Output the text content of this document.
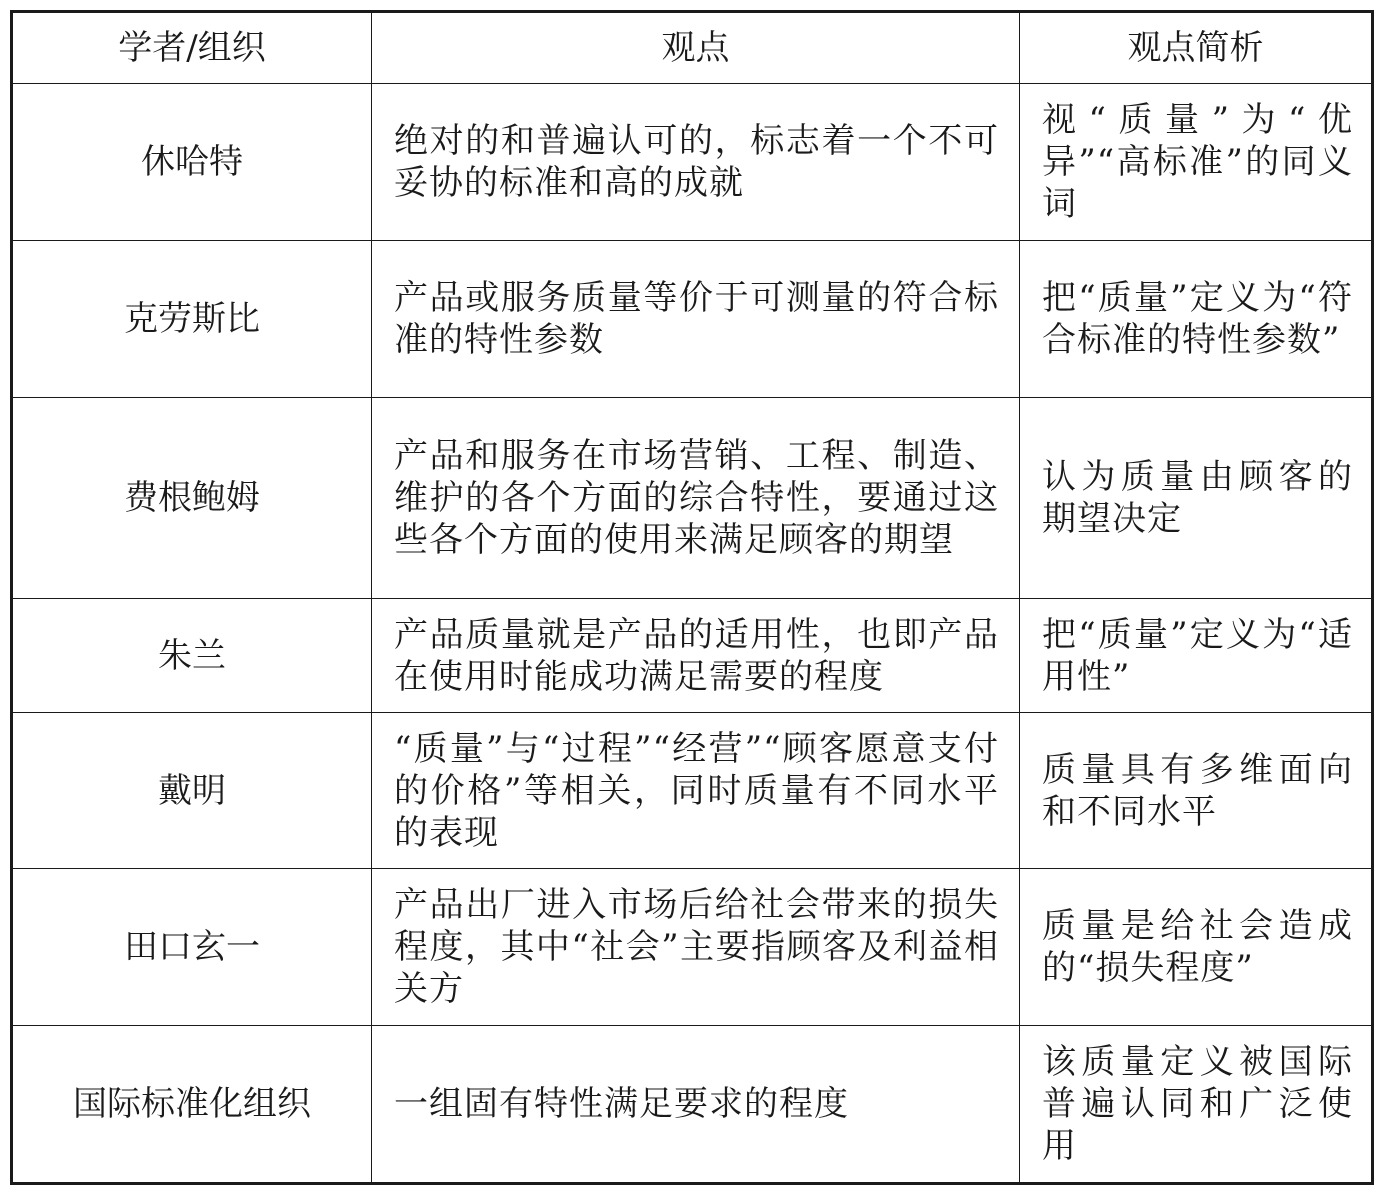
学者/组织	观点	观点简析
休哈特	绝对的和普遍认可的，标志着一个不可妥协的标准和高的成就	视“质量”为“优异”“高标准”的同义词
克劳斯比	产品或服务质量等价于可测量的符合标准的特性参数	把“质量”定义为“符合标准的特性参数”
费根鲍姆	产品和服务在市场营销、工程、制造、维护的各个方面的综合特性，要通过这些各个方面的使用来满足顾客的期望	认为质量由顾客的期望决定
朱兰	产品质量就是产品的适用性，也即产品在使用时能成功满足需要的程度	把“质量”定义为“适用性”
戴明	“质量”与“过程”“经营”“顾客愿意支付的价格”等相关，同时质量有不同水平的表现	质量具有多维面向和不同水平
田口玄一	产品出厂进入市场后给社会带来的损失程度，其中“社会”主要指顾客及利益相关方	质量是给社会造成的“损失程度”
国际标准化组织	一组固有特性满足要求的程度	该质量定义被国际普遍认同和广泛使用
